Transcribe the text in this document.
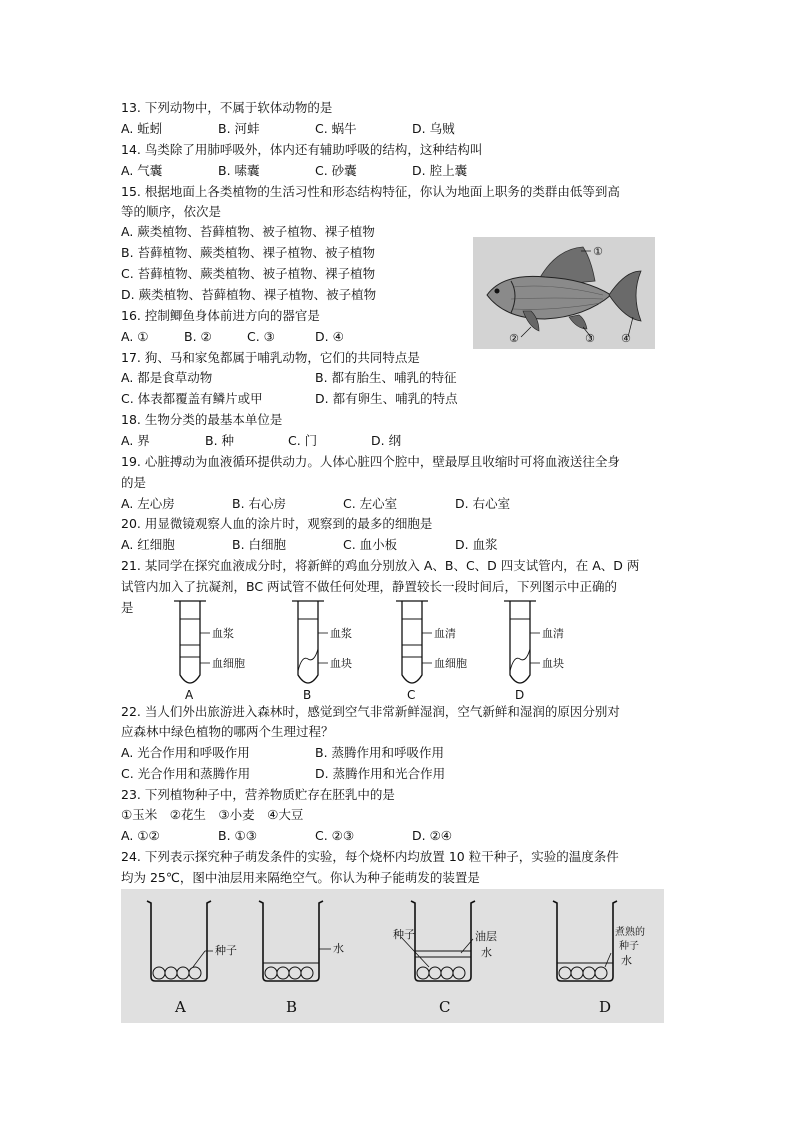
13. 下列动物中，不属于软体动物的是
A. 蚯蚓	B. 河蚌	C. 蜗牛	D. 乌贼
14. 鸟类除了用肺呼吸外，体内还有辅助呼吸的结构，这种结构叫
A. 气囊	B. 嗉囊	C. 砂囊	D. 腔上囊
15. 根据地面上各类植物的生活习性和形态结构特征，你认为地面上职务的类群由低等到高
等的顺序，依次是
A. 蕨类植物、苔藓植物、被子植物、裸子植物
B. 苔藓植物、蕨类植物、裸子植物、被子植物
C. 苔藓植物、蕨类植物、被子植物、裸子植物
D. 蕨类植物、苔藓植物、裸子植物、被子植物
①
②	③ ④
16. 控制鲫鱼身体前进方向的器官是
A. ①	B. ②	C. ③	D. ④
17. 狗、马和家兔都属于哺乳动物，它们的共同特点是
A. 都是食草动物	B. 都有胎生、哺乳的特征
C. 体表都覆盖有鳞片或甲	D. 都有卵生、哺乳的特点
18. 生物分类的最基本单位是
A. 界	B. 种	C. 门	D. 纲
19. 心脏搏动为血液循环提供动力。人体心脏四个腔中，壁最厚且收缩时可将血液送往全身
的是
A. 左心房	B. 右心房	C. 左心室	D. 右心室
20. 用显微镜观察人血的涂片时，观察到的最多的细胞是
A. 红细胞	B. 白细胞	C. 血小板	D. 血浆
21. 某同学在探究血液成分时，将新鲜的鸡血分别放入 A、B、C、D 四支试管内，在 A、D 两
试管内加入了抗凝剂，BC 两试管不做任何处理，静置较长一段时间后，下列图示中正确的
是
血浆
血细胞
A
血浆
血块
B
血清
血细胞
C
血清
血块
D
22. 当人们外出旅游进入森林时，感觉到空气非常新鲜湿润，空气新鲜和湿润的原因分别对
应森林中绿色植物的哪两个生理过程？
A. 光合作用和呼吸作用	B. 蒸腾作用和呼吸作用
C. 光合作用和蒸腾作用	D. 蒸腾作用和光合作用
23. 下列植物种子中，营养物质贮存在胚乳中的是
①玉米　②花生　③小麦　④大豆
A. ①②	B. ①③	C. ②③	D. ②④
24. 下列表示探究种子萌发条件的实验，每个烧杯内均放置 10 粒干种子，实验的温度条件
均为 25℃，图中油层用来隔绝空气。你认为种子能萌发的装置是
种子
A
水
B
种子	油层
水
C
煮熟的
种子
水
D
